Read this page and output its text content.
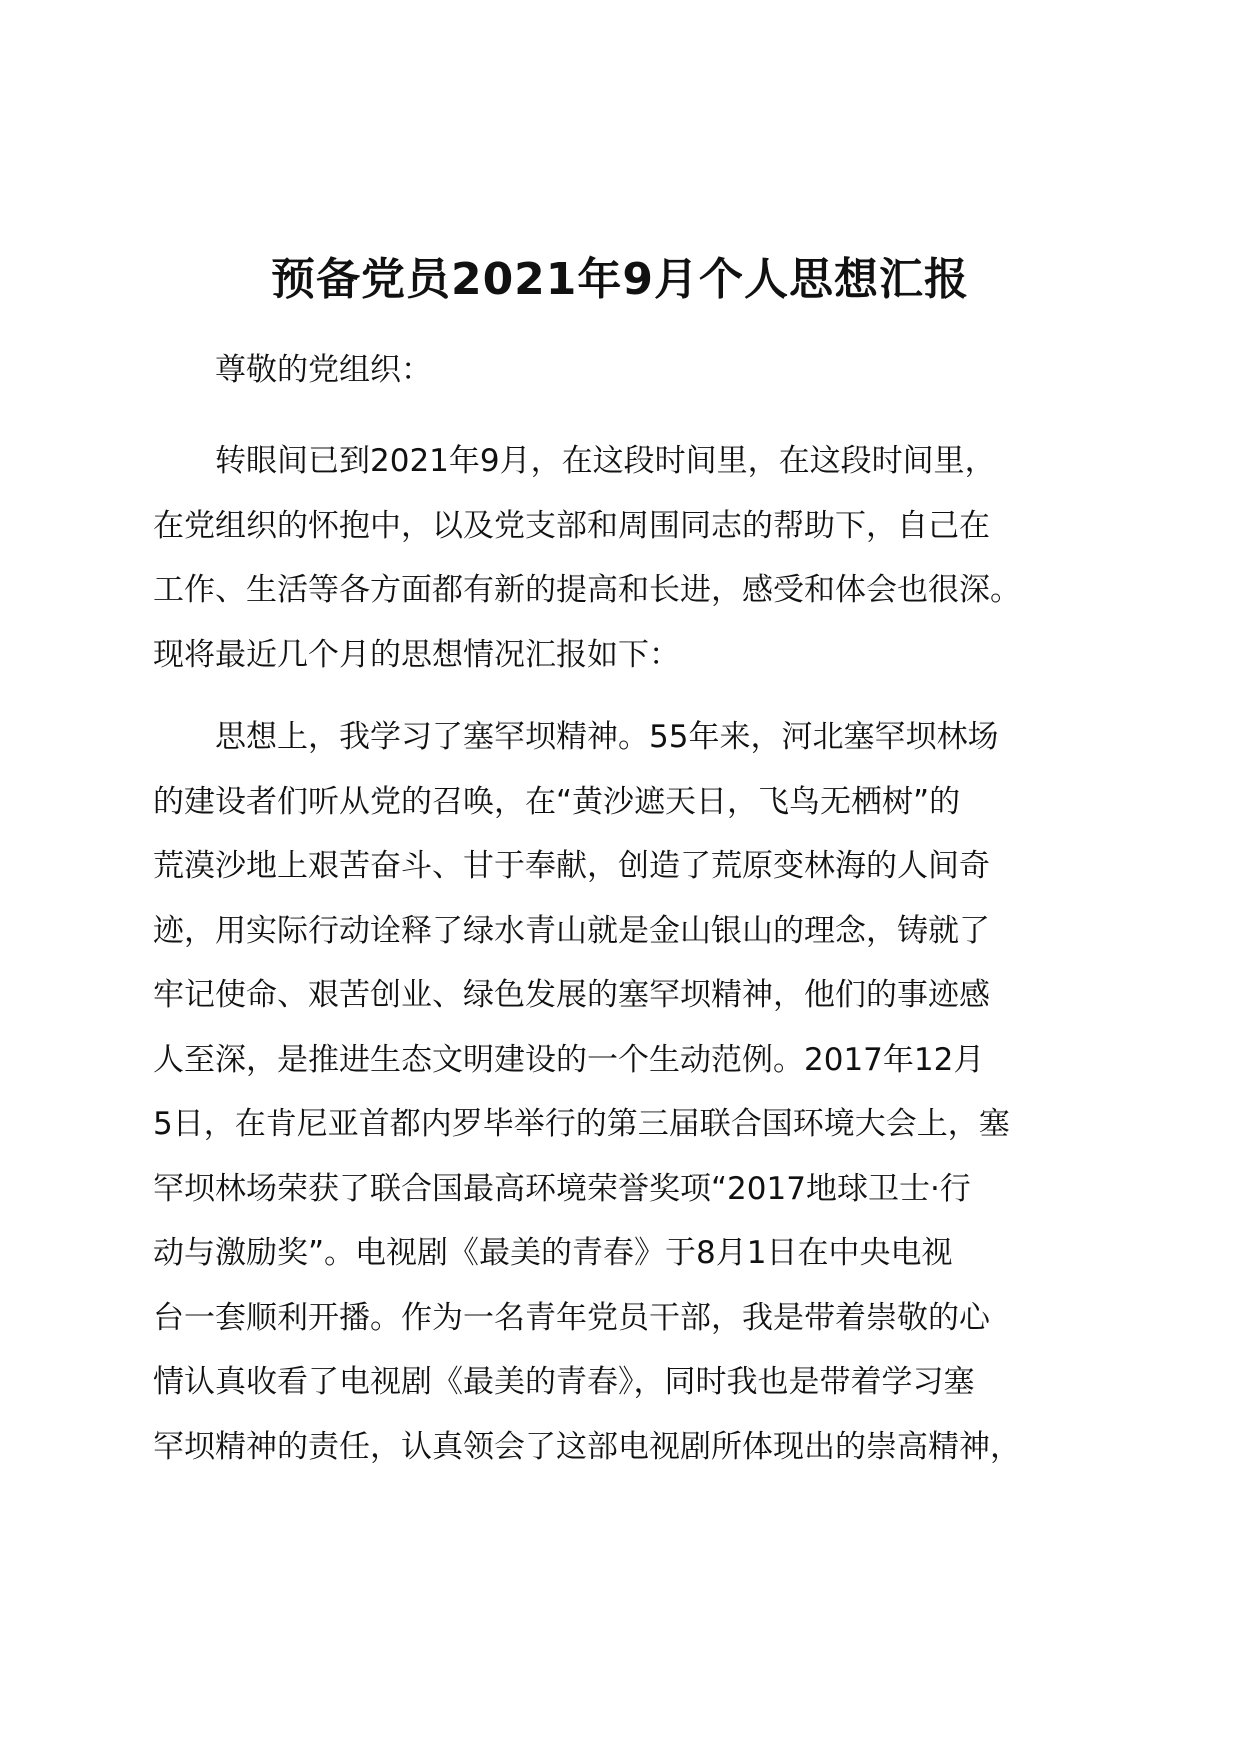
预备党员2021年9月个人思想汇报

尊敬的党组织：

转眼间已到2021年9月，在这段时间里，在这段时间里，
在党组织的怀抱中，以及党支部和周围同志的帮助下，自己在
工作、生活等各方面都有新的提高和长进，感受和体会也很深。
现将最近几个月的思想情况汇报如下：

思想上，我学习了塞罕坝精神。55年来，河北塞罕坝林场
的建设者们听从党的召唤，在“黄沙遮天日，飞鸟无栖树”的
荒漠沙地上艰苦奋斗、甘于奉献，创造了荒原变林海的人间奇
迹，用实际行动诠释了绿水青山就是金山银山的理念，铸就了
牢记使命、艰苦创业、绿色发展的塞罕坝精神，他们的事迹感
人至深，是推进生态文明建设的一个生动范例。2017年12月
5日，在肯尼亚首都内罗毕举行的第三届联合国环境大会上，塞
罕坝林场荣获了联合国最高环境荣誉奖项“2017地球卫士·行
动与激励奖”。电视剧《最美的青春》于8月1日在中央电视
台一套顺利开播。作为一名青年党员干部，我是带着崇敬的心
情认真收看了电视剧《最美的青春》，同时我也是带着学习塞
罕坝精神的责任，认真领会了这部电视剧所体现出的崇高精神，
